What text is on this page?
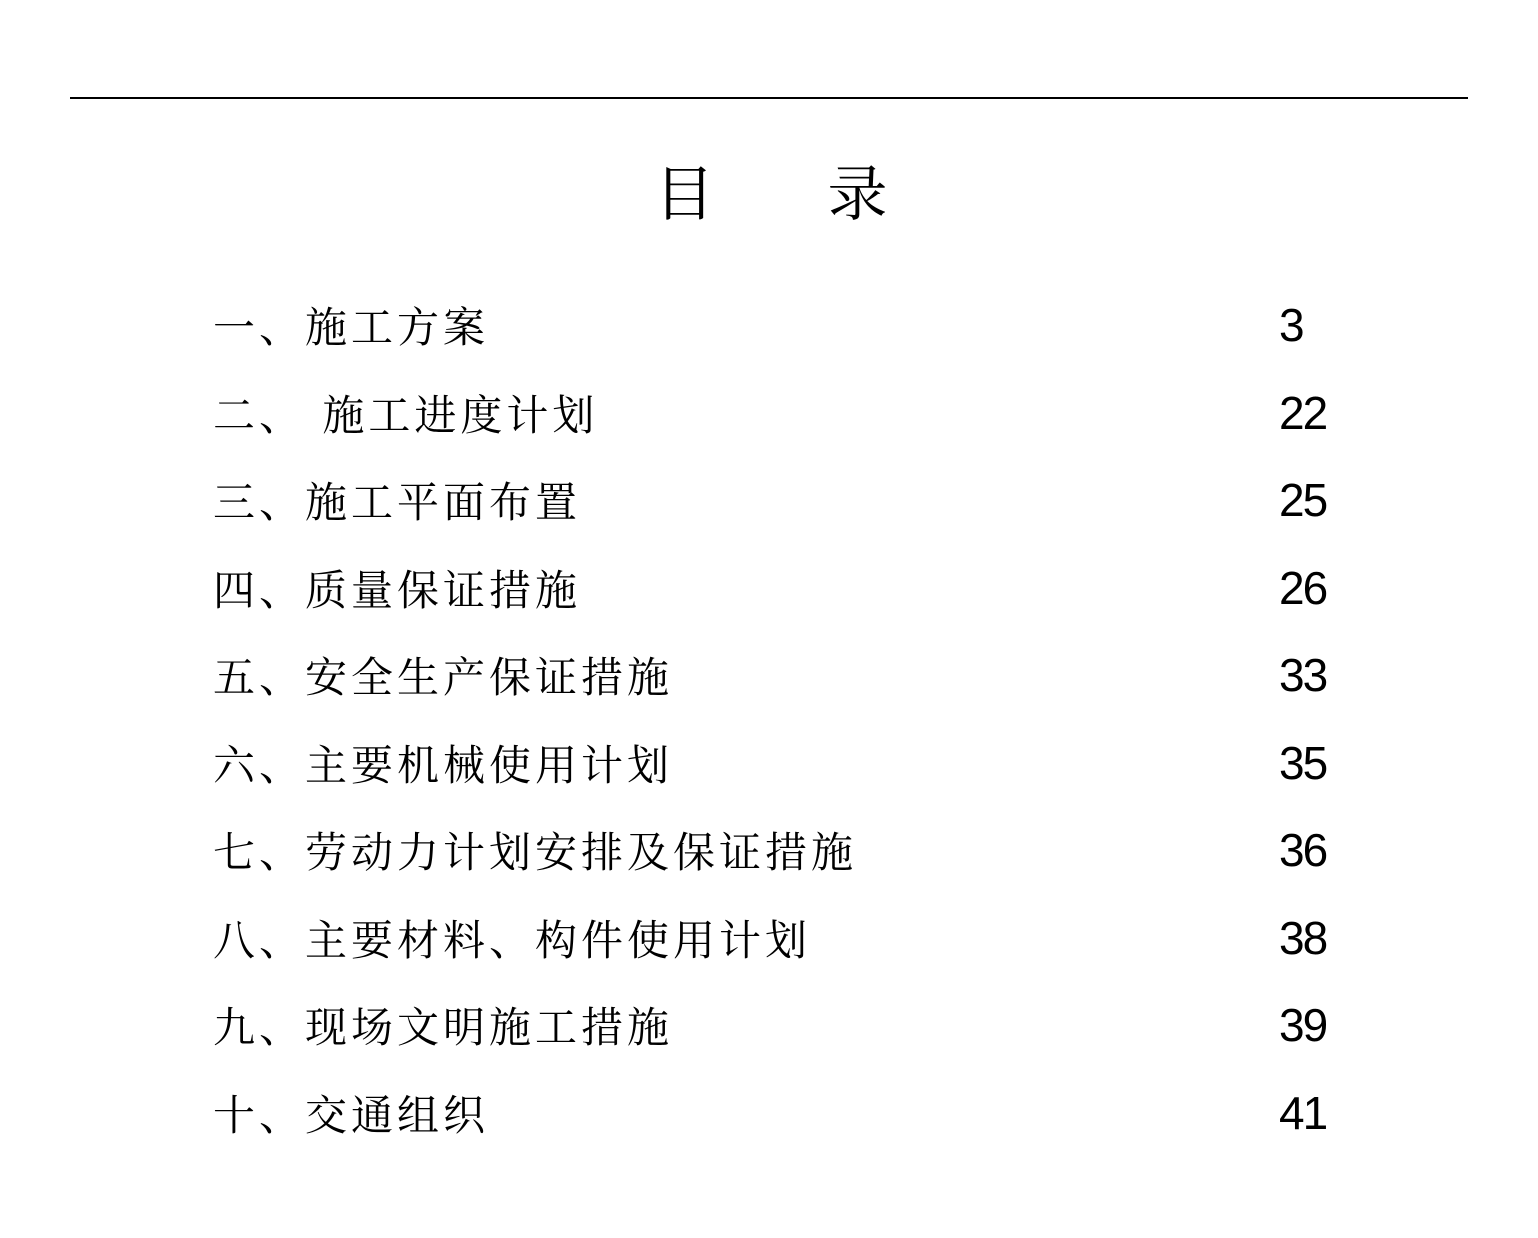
目 录
一、施工方案	3
二、 施工进度计划	22
三、施工平面布置	25
四、质量保证措施	26
五、安全生产保证措施	33
六、主要机械使用计划	35
七、劳动力计划安排及保证措施	36
八、主要材料、构件使用计划	38
九、现场文明施工措施	39
十、交通组织	41
